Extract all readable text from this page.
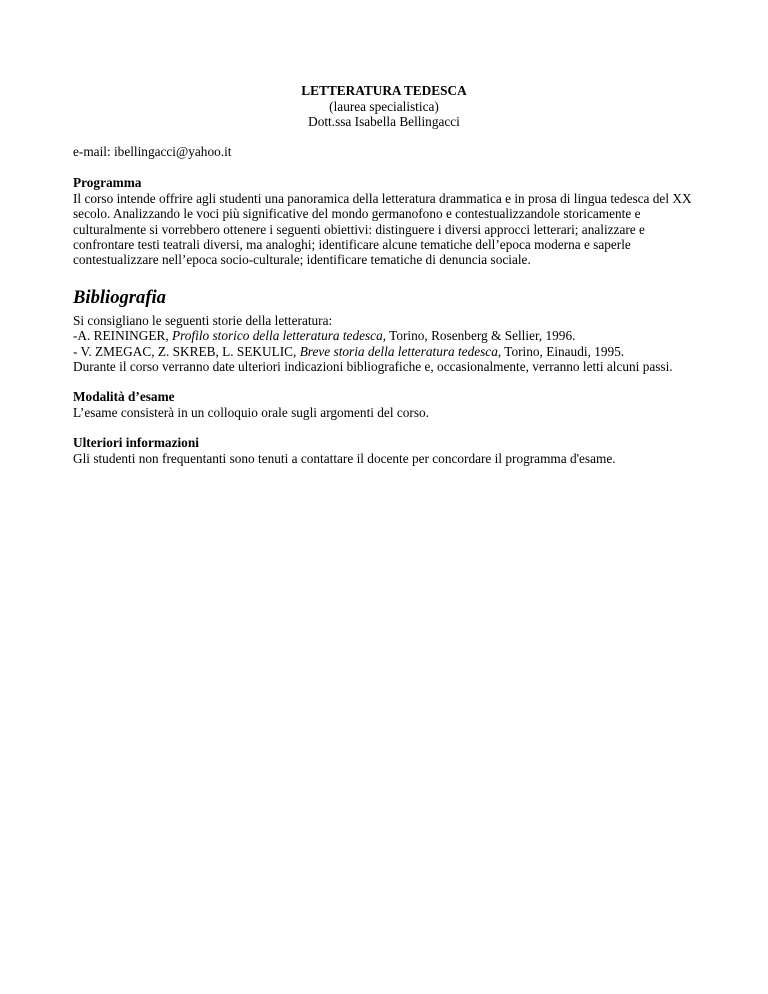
LETTERATURA TEDESCA
(laurea specialistica)
Dott.ssa Isabella Bellingacci

e-mail: ibellingacci@yahoo.it

Programma

Il corso intende offrire agli studenti una panoramica della letteratura drammatica e in prosa di lingua tedesca del XX secolo. Analizzando le voci più significative del mondo germanofono e contestualizzandole storicamente e culturalmente si vorrebbero ottenere i seguenti obiettivi: distinguere i diversi approcci letterari; analizzare e confrontare testi teatrali diversi, ma analoghi; identificare alcune tematiche dell’epoca moderna e saperle contestualizzare nell’epoca socio-culturale; identificare tematiche di denuncia sociale.

Bibliografia

Si consigliano le seguenti storie della letteratura:

-A. REININGER, Profilo storico della letteratura tedesca, Torino, Rosenberg & Sellier, 1996.

- V. ZMEGAC, Z. SKREB, L. SEKULIC, Breve storia della letteratura tedesca, Torino, Einaudi, 1995.

Durante il corso verranno date ulteriori indicazioni bibliografiche e, occasionalmente, verranno letti alcuni passi.

Modalità d’esame

L’esame consisterà in un colloquio orale sugli argomenti del corso.

Ulteriori informazioni

Gli studenti non frequentanti sono tenuti a contattare il docente per concordare il programma d'esame.
